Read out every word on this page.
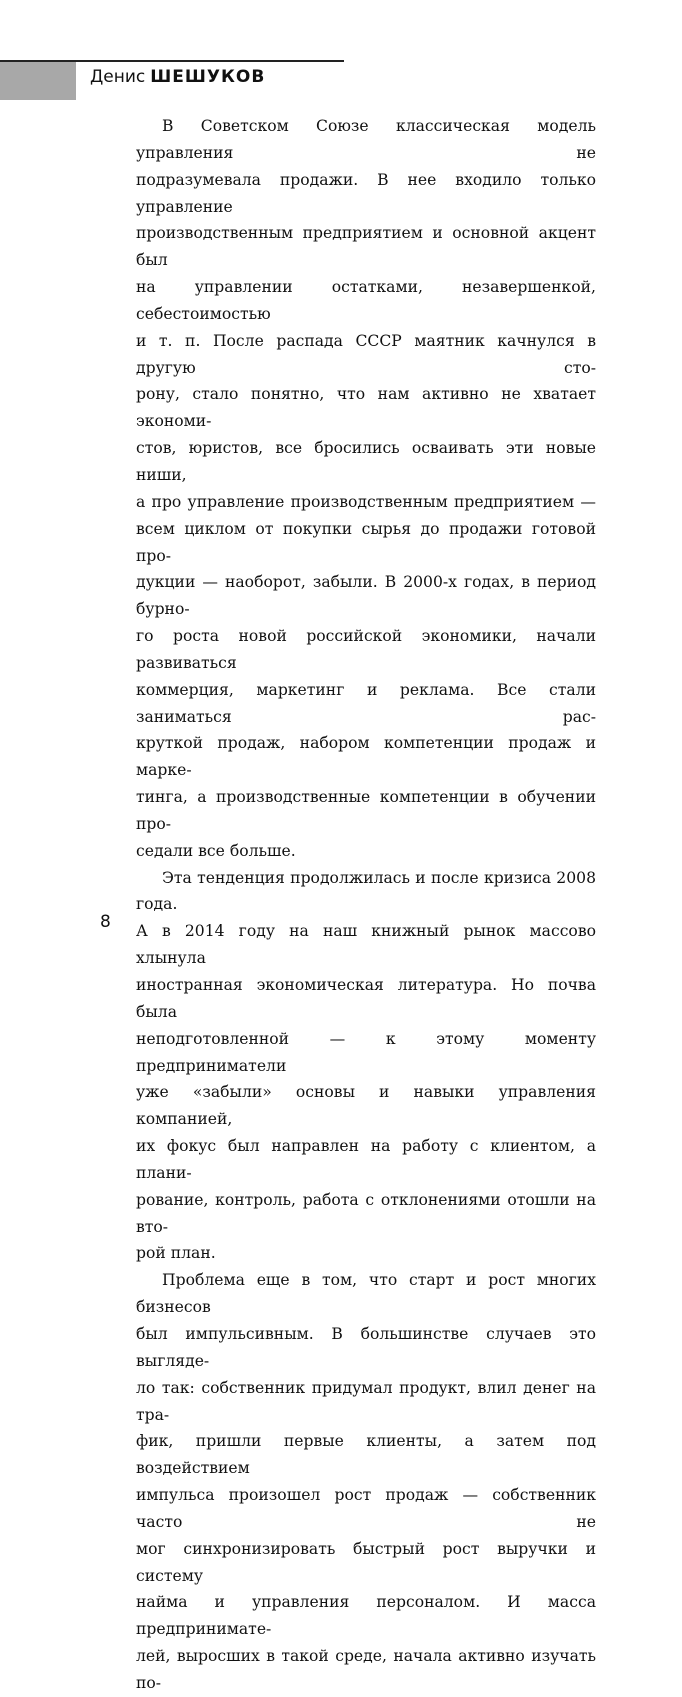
Денис ШЕШУКОВ

В Советском Союзе классическая модель управления не

подразумевала продажи. В нее входило только управление

производственным предприятием и основной акцент был

на управлении остатками, незавершенкой, себестоимостью

и т. п. После распада СССР маятник качнулся в другую сто-

рону, стало понятно, что нам активно не хватает экономи-

стов, юристов, все бросились осваивать эти новые ниши,

а про управление производственным предприятием —

всем циклом от покупки сырья до продажи готовой про-

дукции — наоборот, забыли. В 2000-х годах, в период бурно-

го роста новой российской экономики, начали развиваться

коммерция, маркетинг и реклама. Все стали заниматься рас-

круткой продаж, набором компетенции продаж и марке-

тинга, а производственные компетенции в обучении про-

седали все больше.

Эта тенденция продолжилась и после кризиса 2008 года.

А в 2014 году на наш книжный рынок массово хлынула

иностранная экономическая литература. Но почва была

неподготовленной — к этому моменту предприниматели

уже «забыли» основы и навыки управления компанией,

их фокус был направлен на работу с клиентом, а плани-

рование, контроль, работа с отклонениями отошли на вто-

рой план.

Проблема еще в том, что старт и рост многих бизнесов

был импульсивным. В большинстве случаев это выгляде-

ло так: собственник придумал продукт, влил денег на тра-

фик, пришли первые клиенты, а затем под воздействием

импульса произошел рост продаж — собственник часто не

мог синхронизировать быстрый рост выручки и систему

найма и управления персоналом. И масса предпринимате-

лей, выросших в такой среде, начала активно изучать по-

8
